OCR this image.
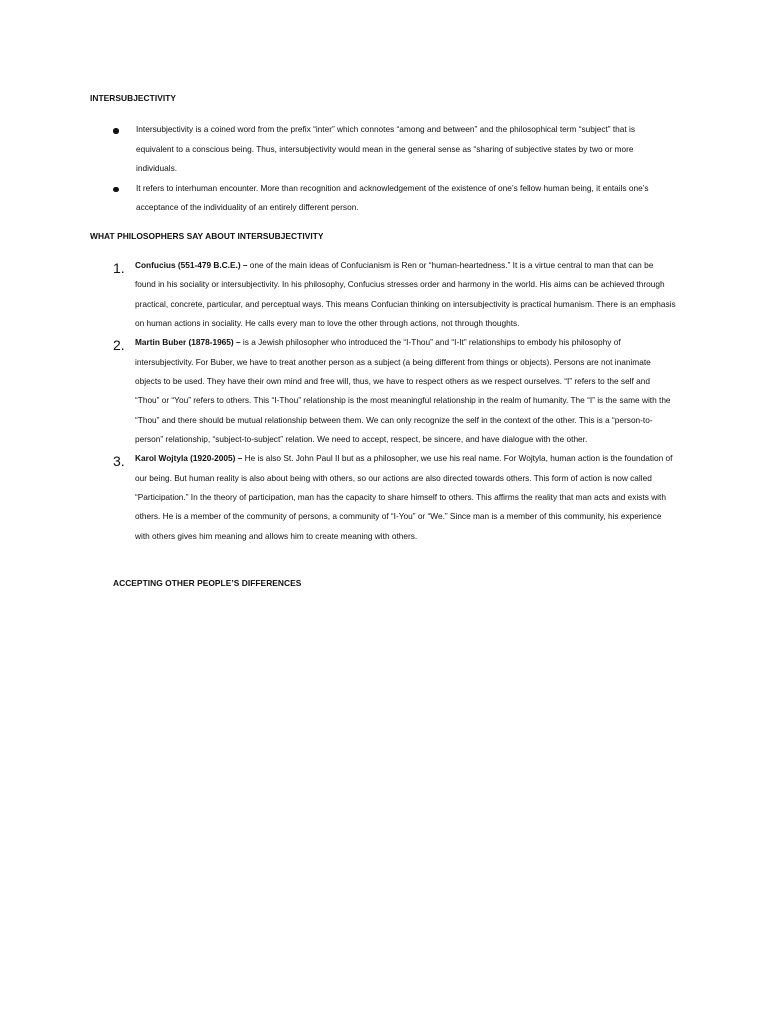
INTERSUBJECTIVITY
Intersubjectivity is a coined word from the prefix “inter” which connotes “among and between” and the philosophical term “subject” that is equivalent to a conscious being. Thus, intersubjectivity would mean in the general sense as “sharing of subjective states by two or more individuals.
It refers to interhuman encounter. More than recognition and acknowledgement of the existence of one’s fellow human being, it entails one’s acceptance of the individuality of an entirely different person.
WHAT PHILOSOPHERS SAY ABOUT INTERSUBJECTIVITY
1. Confucius (551-479 B.C.E.) – one of the main ideas of Confucianism is Ren or “human-heartedness.” It is a virtue central to man that can be found in his sociality or intersubjectivity. In his philosophy, Confucius stresses order and harmony in the world. His aims can be achieved through practical, concrete, particular, and perceptual ways. This means Confucian thinking on intersubjectivity is practical humanism. There is an emphasis on human actions in sociality. He calls every man to love the other through actions, not through thoughts.
2. Martin Buber (1878-1965) – is a Jewish philosopher who introduced the “I-Thou” and “I-It” relationships to embody his philosophy of intersubjectivity. For Buber, we have to treat another person as a subject (a being different from things or objects). Persons are not inanimate objects to be used. They have their own mind and free will, thus, we have to respect others as we respect ourselves. “I” refers to the self and “Thou” or “You” refers to others. This “I-Thou” relationship is the most meaningful relationship in the realm of humanity. The “I” is the same with the “Thou” and there should be mutual relationship between them. We can only recognize the self in the context of the other. This is a “person-to-person” relationship, “subject-to-subject” relation. We need to accept, respect, be sincere, and have dialogue with the other.
3. Karol Wojtyla (1920-2005) – He is also St. John Paul II but as a philosopher, we use his real name. For Wojtyla, human action is the foundation of our being. But human reality is also about being with others, so our actions are also directed towards others. This form of action is now called “Participation.” In the theory of participation, man has the capacity to share himself to others. This affirms the reality that man acts and exists with others. He is a member of the community of persons, a community of “I-You” or “We.” Since man is a member of this community, his experience with others gives him meaning and allows him to create meaning with others.
ACCEPTING OTHER PEOPLE’S DIFFERENCES
